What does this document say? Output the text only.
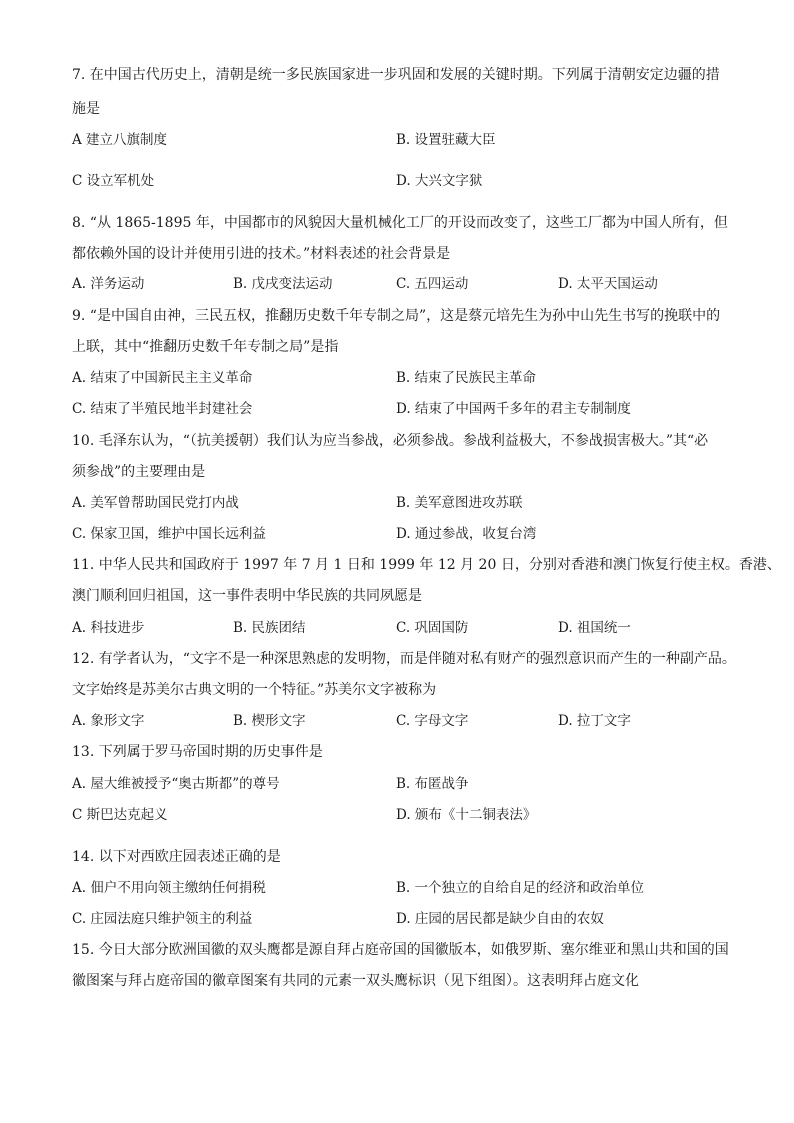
7. 在中国古代历史上，清朝是统一多民族国家进一步巩固和发展的关键时期。下列属于清朝安定边疆的措
施是
A 建立八旗制度	B. 设置驻藏大臣
C 设立军机处	D. 大兴文字狱
8. “从 1865-1895 年，中国都市的风貌因大量机械化工厂的开设而改变了，这些工厂都为中国人所有，但
都依赖外国的设计并使用引进的技术。”材料表述的社会背景是
A. 洋务运动	B. 戊戌变法运动	C. 五四运动	D. 太平天国运动
9. “是中国自由神，三民五权，推翻历史数千年专制之局”，这是蔡元培先生为孙中山先生书写的挽联中的
上联，其中“推翻历史数千年专制之局”是指
A. 结束了中国新民主主义革命	B. 结束了民族民主革命
C. 结束了半殖民地半封建社会	D. 结束了中国两千多年的君主专制制度
10. 毛泽东认为，“（抗美援朝）我们认为应当参战，必须参战。参战利益极大，不参战损害极大。”其“必
须参战”的主要理由是
A. 美军曾帮助国民党打内战	B. 美军意图进攻苏联
C. 保家卫国，维护中国长远利益	D. 通过参战，收复台湾
11. 中华人民共和国政府于 1997 年 7 月 1 日和 1999 年 12 月 20 日，分别对香港和澳门恢复行使主权。香港、
澳门顺利回归祖国，这一事件表明中华民族的共同夙愿是
A. 科技进步	B. 民族团结	C. 巩固国防	D. 祖国统一
12. 有学者认为，“文字不是一种深思熟虑的发明物，而是伴随对私有财产的强烈意识而产生的一种副产品。
文字始终是苏美尔古典文明的一个特征。”苏美尔文字被称为
A. 象形文字	B. 楔形文字	C. 字母文字	D. 拉丁文字
13. 下列属于罗马帝国时期的历史事件是
A. 屋大维被授予“奥古斯都”的尊号	B. 布匿战争
C 斯巴达克起义	D. 颁布《十二铜表法》
14. 以下对西欧庄园表述正确的是
A. 佃户不用向领主缴纳任何捐税	B. 一个独立的自给自足的经济和政治单位
C. 庄园法庭只维护领主的利益	D. 庄园的居民都是缺少自由的农奴
15. 今日大部分欧洲国徽的双头鹰都是源自拜占庭帝国的国徽版本，如俄罗斯、塞尔维亚和黑山共和国的国
徽图案与拜占庭帝国的徽章图案有共同的元素一双头鹰标识（见下组图）。这表明拜占庭文化
